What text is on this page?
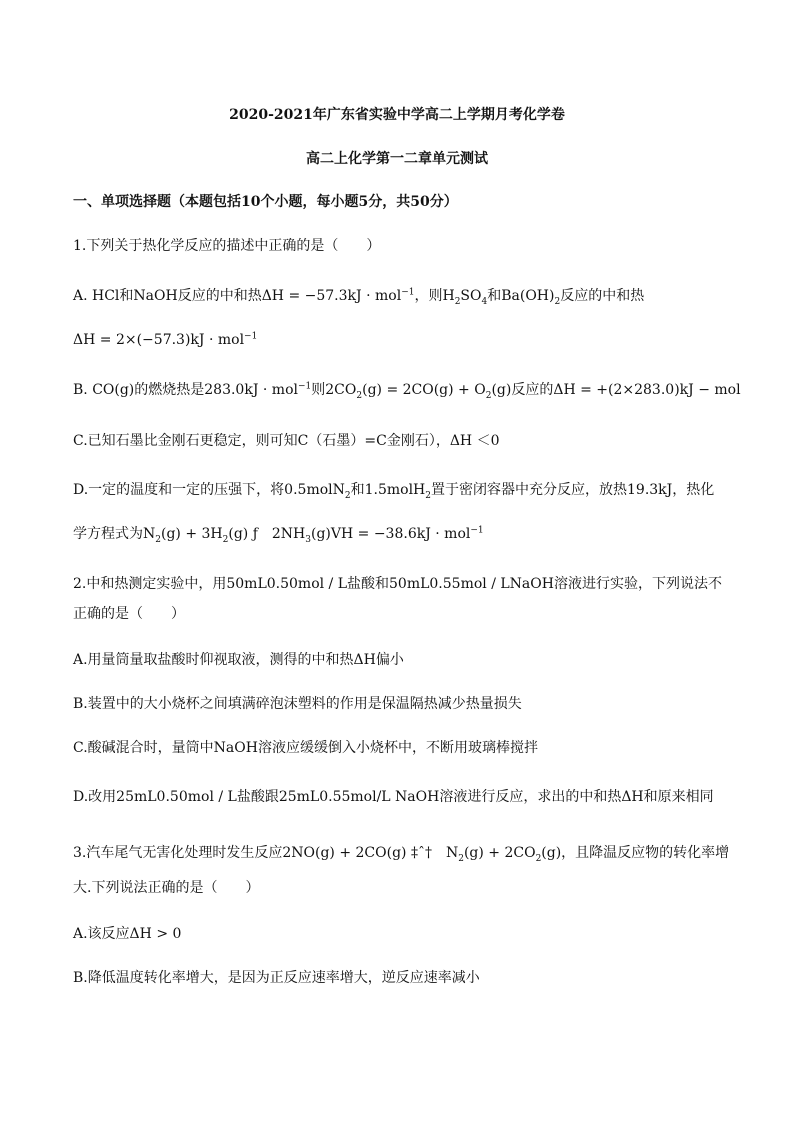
2020-2021年广东省实验中学高二上学期月考化学卷
高二上化学第一二章单元测试
一、单项选择题（本题包括10个小题，每小题5分，共50分）
1.下列关于热化学反应的描述中正确的是（　　）
A. HCl和NaOH反应的中和热ΔH = −57.3kJ · mol$^{-1}$，则$H_2SO_4$和$Ba(OH)_2$反应的中和热
ΔH = 2×(−57.3)kJ · mol$^{-1}$
B. CO(g)的燃烧热是283.0kJ · mol$^{-1}$则$2CO_2(g) = 2CO(g) + O_2(g)$反应的ΔH = +(2×283.0)kJ − mol
C.已知石墨比金刚石更稳定，则可知C（石墨）=C金刚石），ΔH ＜0
D.一定的温度和一定的压强下，将0.5molN$_2$和1.5molH$_2$置于密闭容器中充分反应，放热19.3kJ，热化
学方程式为$N_2(g) + 3H_2(g)$ ƒ　$2NH_3(g)VH = -38.6kJ \cdot mol^{-1}$
2.中和热测定实验中，用50mL0.50mol / L盐酸和50mL0.55mol / LNaOH溶液进行实验，下列说法不
正确的是（　　）
A.用量筒量取盐酸时仰视取液，测得的中和热ΔH偏小
B.装置中的大小烧杯之间填满碎泡沫塑料的作用是保温隔热减少热量损失
C.酸碱混合时，量筒中NaOH溶液应缓缓倒入小烧杯中，不断用玻璃棒搅拌
D.改用25mL0.50mol / L盐酸跟25mL0.55mol/L NaOH溶液进行反应，求出的中和热ΔH和原来相同
3.汽车尾气无害化处理时发生反应2NO(g) + 2CO(g) ‡ˆ†　$N_2(g) + 2CO_2(g)$，且降温反应物的转化率增
大.下列说法正确的是（　　）
A.该反应ΔH > 0
B.降低温度转化率增大，是因为正反应速率增大，逆反应速率减小
